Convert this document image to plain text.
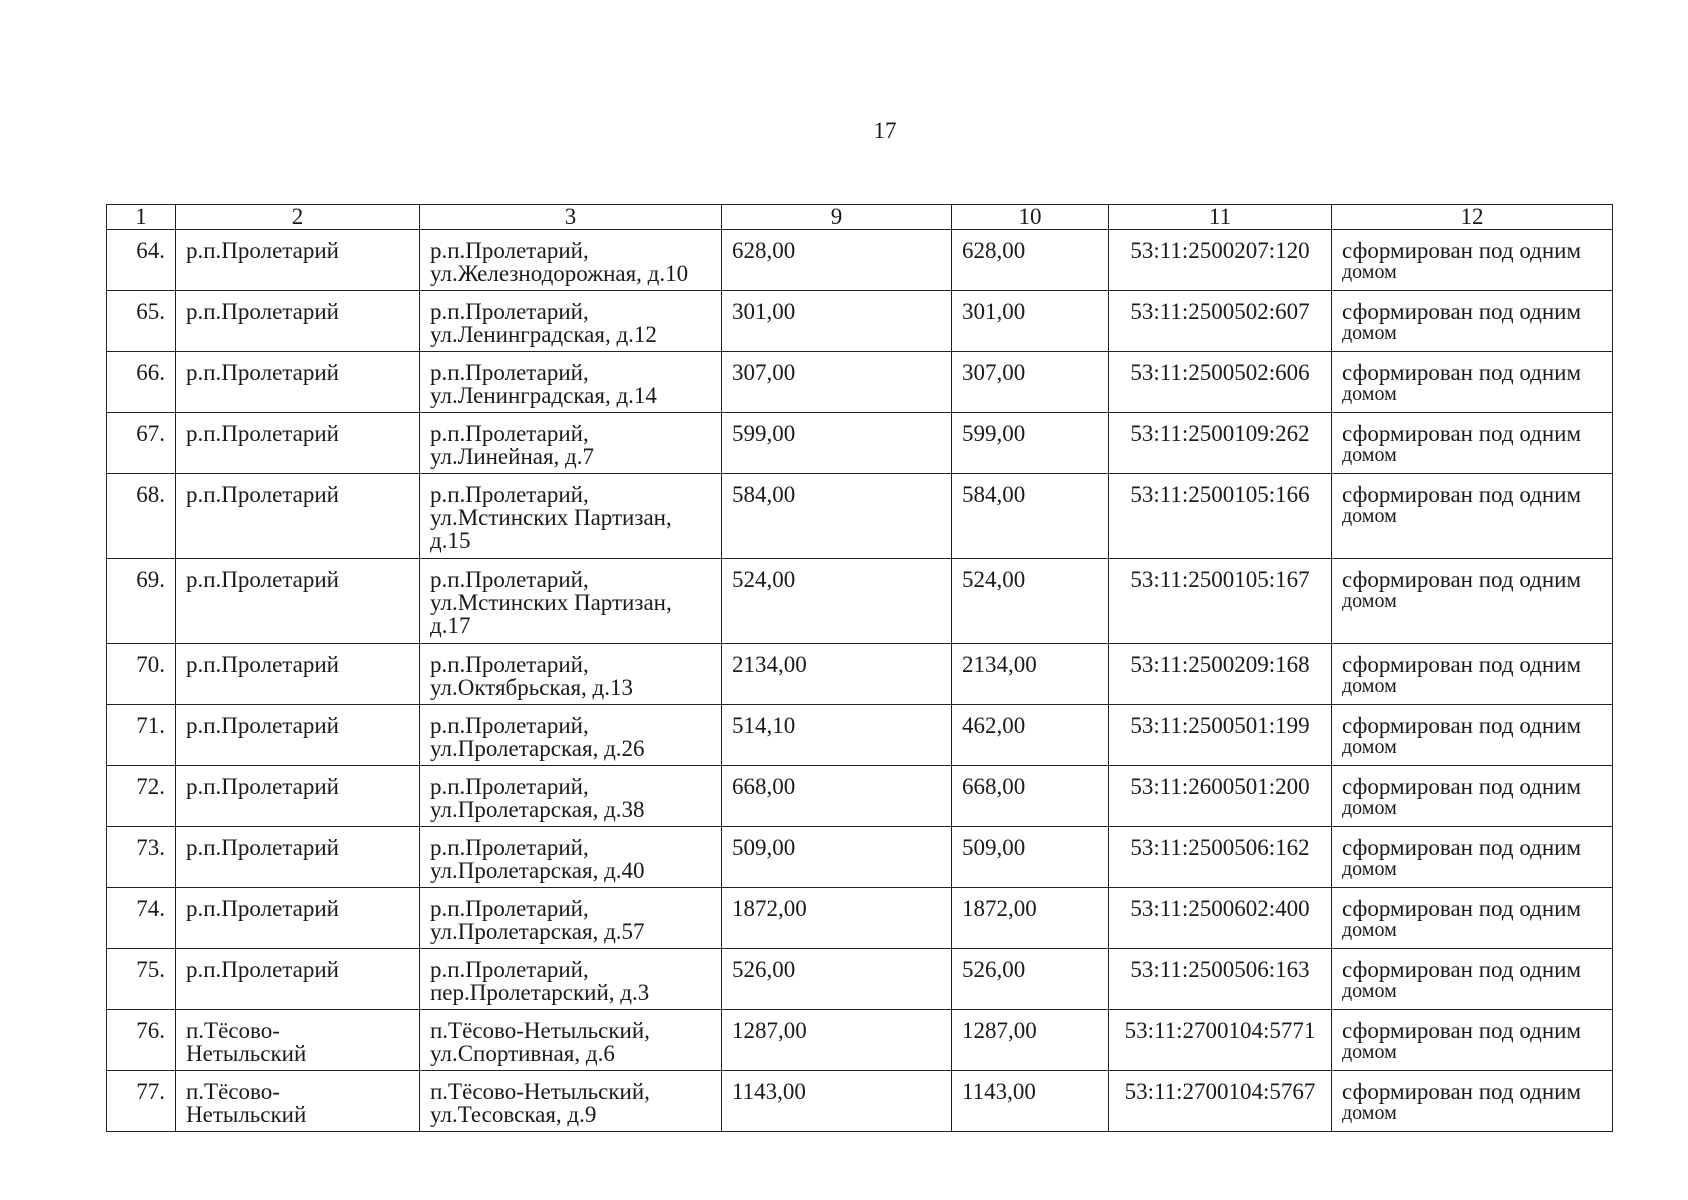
17
1	2	3	9	10	11	12
64.	р.п.Пролетарий	р.п.Пролетарий,
ул.Железнодорожная, д.10	628,00	628,00	53:11:2500207:120	сформирован под одним
домом

65.	р.п.Пролетарий	р.п.Пролетарий,
ул.Ленинградская, д.12	301,00	301,00	53:11:2500502:607	сформирован под одним
домом

66.	р.п.Пролетарий	р.п.Пролетарий,
ул.Ленинградская, д.14	307,00	307,00	53:11:2500502:606	сформирован под одним
домом

67.	р.п.Пролетарий	р.п.Пролетарий,
ул.Линейная, д.7	599,00	599,00	53:11:2500109:262	сформирован под одним
домом

68.	р.п.Пролетарий	р.п.Пролетарий,
ул.Мстинских Партизан,
д.15	584,00	584,00	53:11:2500105:166	сформирован под одним
домом

69.	р.п.Пролетарий	р.п.Пролетарий,
ул.Мстинских Партизан,
д.17	524,00	524,00	53:11:2500105:167	сформирован под одним
домом

70.	р.п.Пролетарий	р.п.Пролетарий,
ул.Октябрьская, д.13	2134,00	2134,00	53:11:2500209:168	сформирован под одним
домом

71.	р.п.Пролетарий	р.п.Пролетарий,
ул.Пролетарская, д.26	514,10	462,00	53:11:2500501:199	сформирован под одним
домом

72.	р.п.Пролетарий	р.п.Пролетарий,
ул.Пролетарская, д.38	668,00	668,00	53:11:2600501:200	сформирован под одним
домом

73.	р.п.Пролетарий	р.п.Пролетарий,
ул.Пролетарская, д.40	509,00	509,00	53:11:2500506:162	сформирован под одним
домом

74.	р.п.Пролетарий	р.п.Пролетарий,
ул.Пролетарская, д.57	1872,00	1872,00	53:11:2500602:400	сформирован под одним
домом

75.	р.п.Пролетарий	р.п.Пролетарий,
пер.Пролетарский, д.3	526,00	526,00	53:11:2500506:163	сформирован под одним
домом

76.	п.Тёсово-
Нетыльский	п.Тёсово-Нетыльский,
ул.Спортивная, д.6	1287,00	1287,00	53:11:2700104:5771	сформирован под одним
домом

77.	п.Тёсово-
Нетыльский	п.Тёсово-Нетыльский,
ул.Тесовская, д.9	1143,00	1143,00	53:11:2700104:5767	сформирован под одним
домом
